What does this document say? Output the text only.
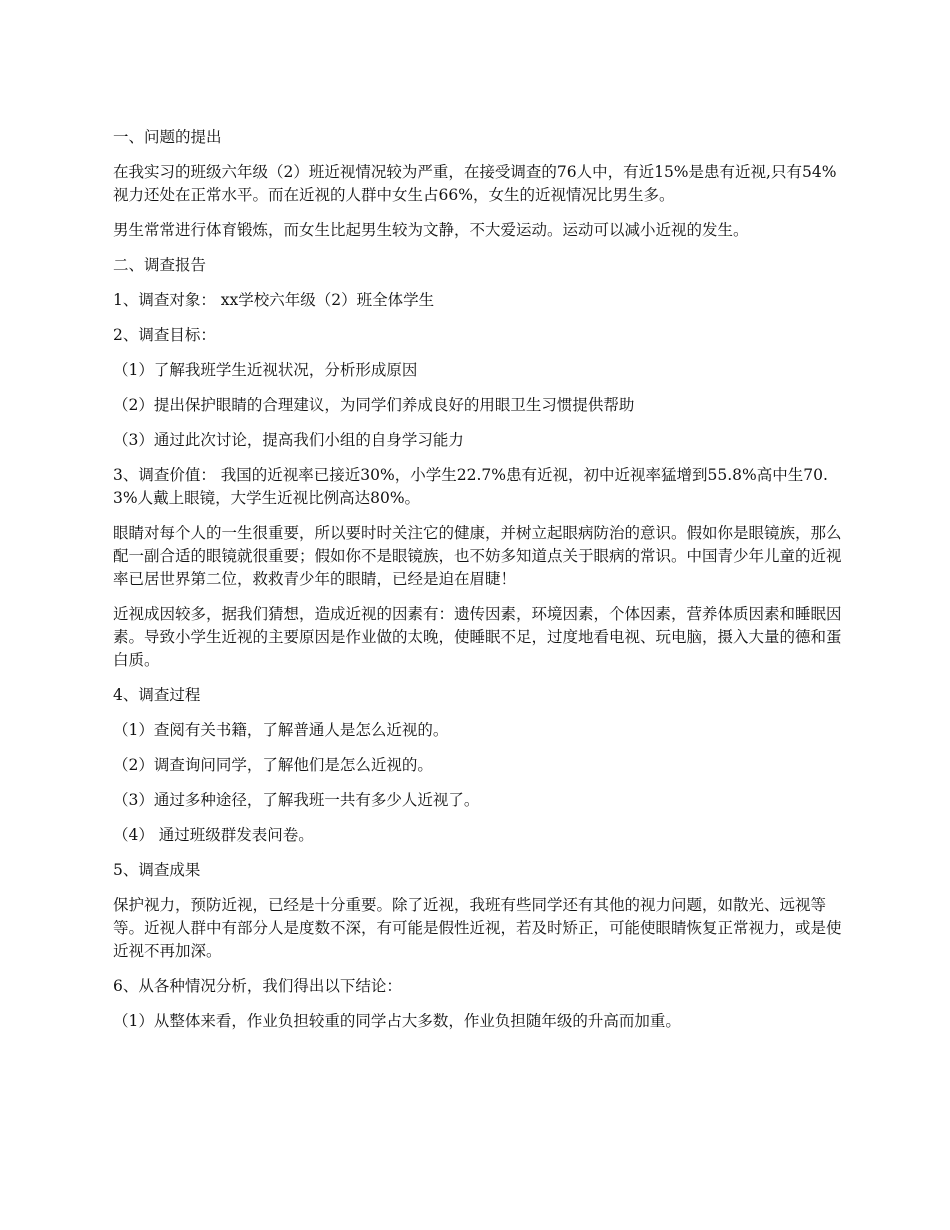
一、问题的提出

在我实习的班级六年级（2）班近视情况较为严重，在接受调查的76人中，有近15%是患有近视,只有54%视力还处在正常水平。而在近视的人群中女生占66%，女生的近视情况比男生多。

男生常常进行体育锻炼，而女生比起男生较为文静，不大爱运动。运动可以减小近视的发生。

二、调查报告

1、调查对象： xx学校六年级（2）班全体学生

2、调查目标：

（1）了解我班学生近视状况，分析形成原因

（2）提出保护眼睛的合理建议，为同学们养成良好的用眼卫生习惯提供帮助

（3）通过此次讨论，提高我们小组的自身学习能力

3、调查价值： 我国的近视率已接近30%，小学生22.7%患有近视，初中近视率猛增到55.8%高中生70.3%人戴上眼镜，大学生近视比例高达80%。

眼睛对每个人的一生很重要，所以要时时关注它的健康，并树立起眼病防治的意识。假如你是眼镜族，那么配一副合适的眼镜就很重要；假如你不是眼镜族，也不妨多知道点关于眼病的常识。中国青少年儿童的近视率已居世界第二位，救救青少年的眼睛，已经是迫在眉睫！

近视成因较多，据我们猜想，造成近视的因素有：遗传因素，环境因素，个体因素，营养体质因素和睡眠因素。导致小学生近视的主要原因是作业做的太晚，使睡眠不足，过度地看电视、玩电脑，摄入大量的德和蛋白质。

4、调查过程

（1）查阅有关书籍，了解普通人是怎么近视的。

（2）调查询问同学，了解他们是怎么近视的。

（3）通过多种途径，了解我班一共有多少人近视了。

（4） 通过班级群发表问卷。

5、调查成果

保护视力，预防近视，已经是十分重要。除了近视，我班有些同学还有其他的视力问题，如散光、远视等等。近视人群中有部分人是度数不深，有可能是假性近视，若及时矫正，可能使眼睛恢复正常视力，或是使近视不再加深。

6、从各种情况分析，我们得出以下结论：

（1）从整体来看，作业负担较重的同学占大多数，作业负担随年级的升高而加重。
